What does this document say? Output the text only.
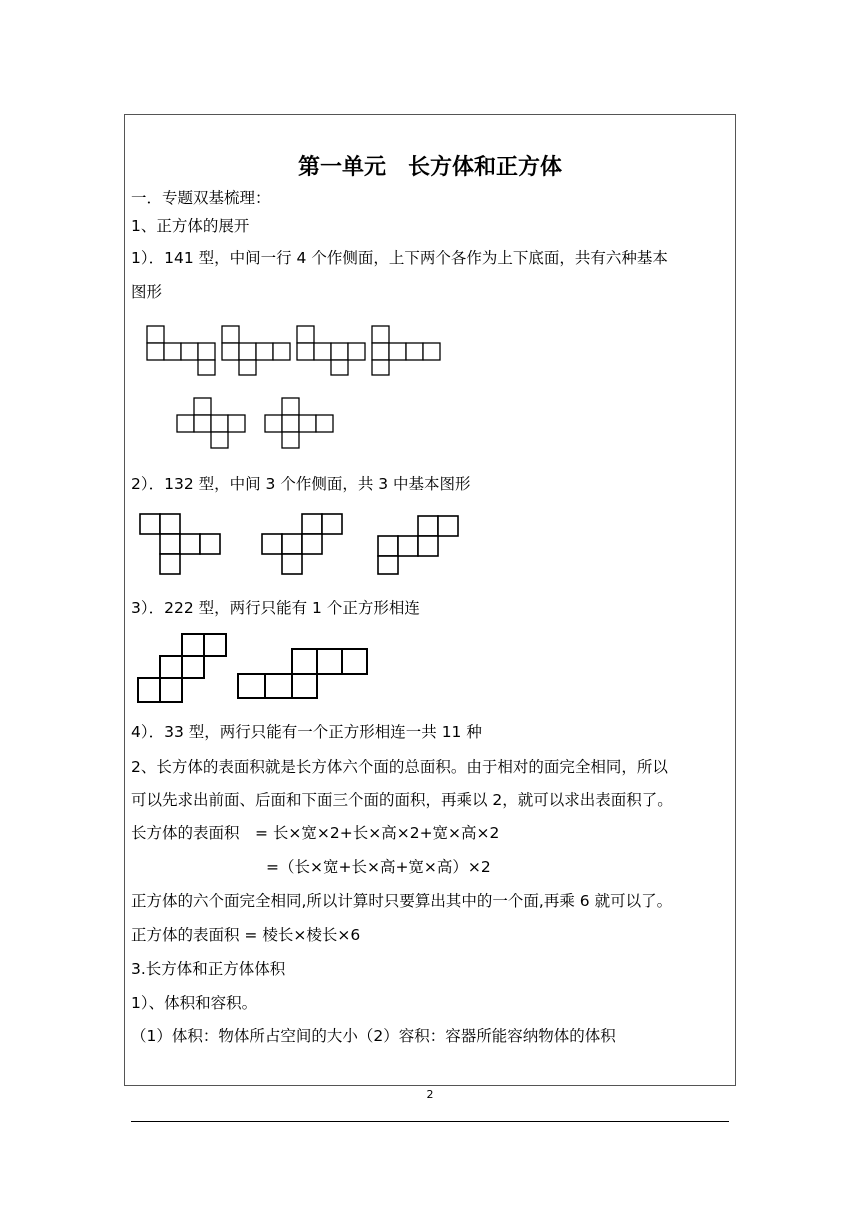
第一单元　长方体和正方体
一．专题双基梳理：
1、正方体的展开
1）．141 型，中间一行 4 个作侧面，上下两个各作为上下底面，共有六种基本
图形
2）．132 型，中间 3 个作侧面，共 3 中基本图形
3）．222 型，两行只能有 1 个正方形相连
4）．33 型，两行只能有一个正方形相连一共 11 种
2、长方体的表面积就是长方体六个面的总面积。由于相对的面完全相同，所以
可以先求出前面、后面和下面三个面的面积，再乘以 2，就可以求出表面积了。
长方体的表面积　= 长×宽×2+长×高×2+宽×高×2
=（长×宽+长×高+宽×高）×2
正方体的六个面完全相同,所以计算时只要算出其中的一个面,再乘 6 就可以了。
正方体的表面积 = 棱长×棱长×6
3.长方体和正方体体积
1）、体积和容积。
（1）体积：物体所占空间的大小（2）容积：容器所能容纳物体的体积
2
